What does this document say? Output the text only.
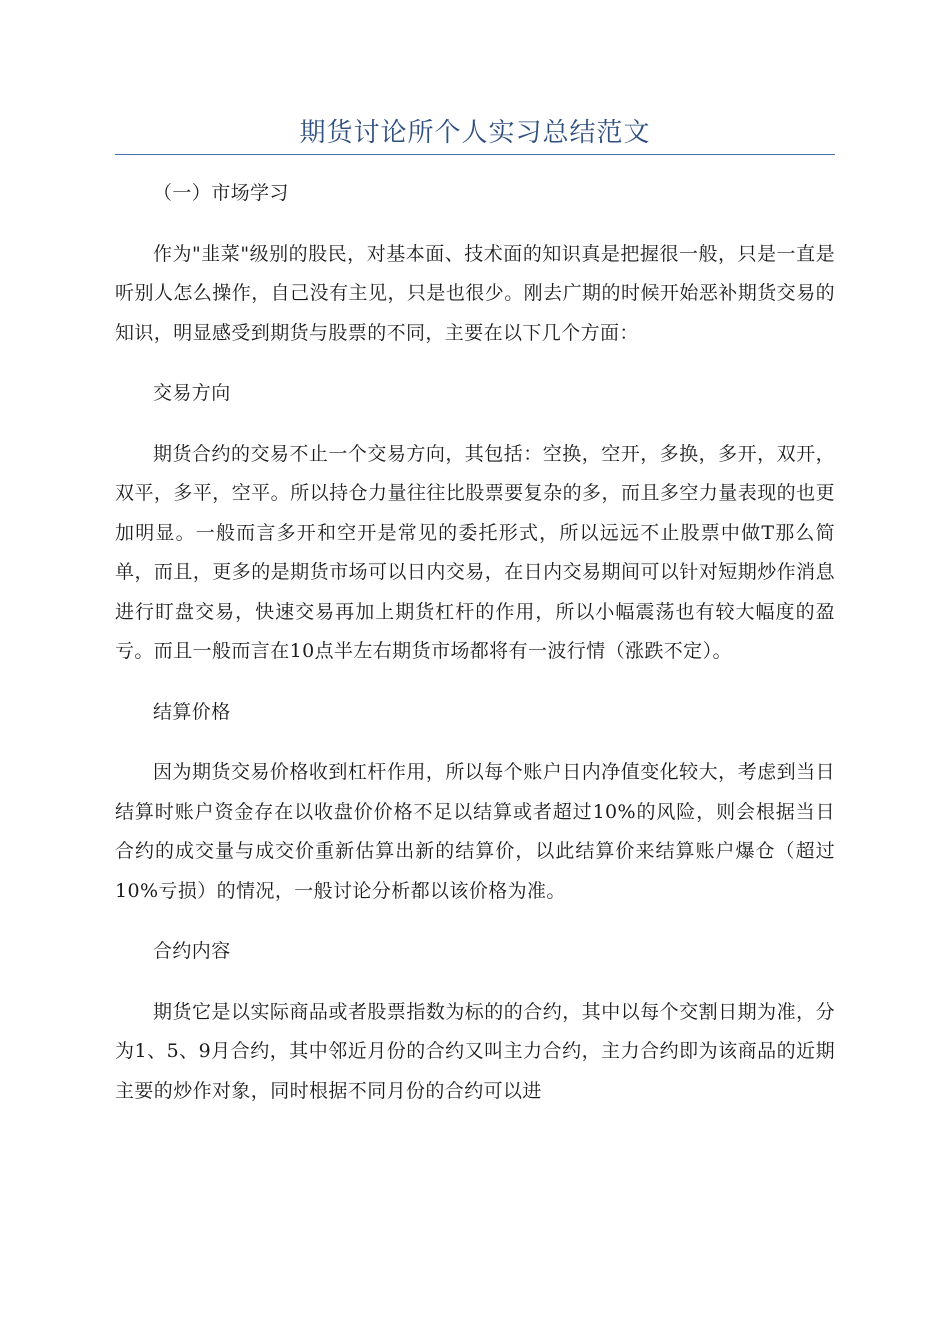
期货讨论所个人实习总结范文

（一）市场学习

作为"韭菜"级别的股民，对基本面、技术面的知识真是把握很一般，只是一直是听别人怎么操作，自己没有主见，只是也很少。刚去广期的时候开始恶补期货交易的知识，明显感受到期货与股票的不同，主要在以下几个方面：

交易方向

期货合约的交易不止一个交易方向，其包括：空换，空开，多换，多开，双开，双平，多平，空平。所以持仓力量往往比股票要复杂的多，而且多空力量表现的也更加明显。一般而言多开和空开是常见的委托形式，所以远远不止股票中做T那么简单，而且，更多的是期货市场可以日内交易，在日内交易期间可以针对短期炒作消息进行盯盘交易，快速交易再加上期货杠杆的作用，所以小幅震荡也有较大幅度的盈亏。而且一般而言在10点半左右期货市场都将有一波行情（涨跌不定）。

结算价格

因为期货交易价格收到杠杆作用，所以每个账户日内净值变化较大，考虑到当日结算时账户资金存在以收盘价价格不足以结算或者超过10%的风险，则会根据当日合约的成交量与成交价重新估算出新的结算价，以此结算价来结算账户爆仓（超过10%亏损）的情况，一般讨论分析都以该价格为准。

合约内容

期货它是以实际商品或者股票指数为标的的合约，其中以每个交割日期为准，分为1、5、9月合约，其中邻近月份的合约又叫主力合约，主力合约即为该商品的近期主要的炒作对象，同时根据不同月份的合约可以进
